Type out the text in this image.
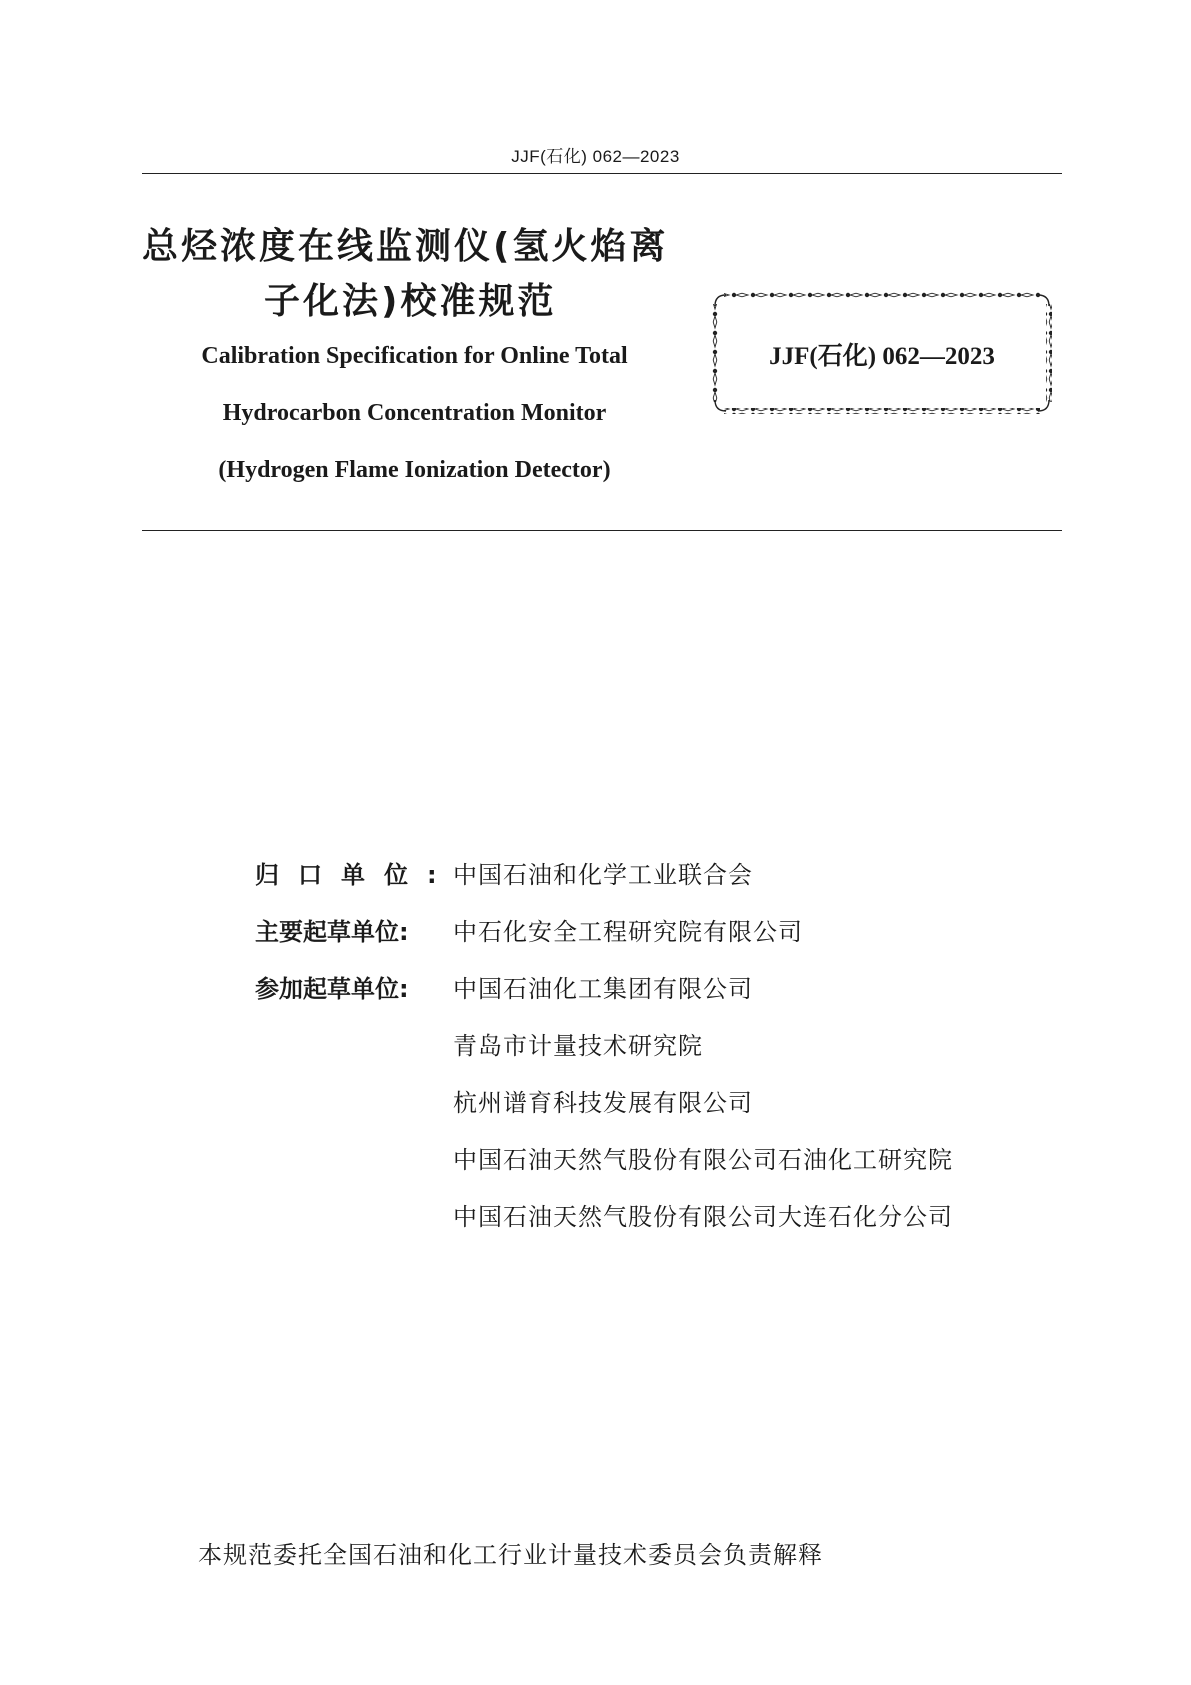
JJF(石化) 062—2023
总烃浓度在线监测仪(氢火焰离
子化法)校准规范
Calibration Specification for Online Total
Hydrocarbon Concentration Monitor
(Hydrogen Flame Ionization Detector)
JJF(石化) 062—2023
归口单位:中国石油和化学工业联合会
主要起草单位: 中石化安全工程研究院有限公司
参加起草单位: 中国石油化工集团有限公司
青岛市计量技术研究院
杭州谱育科技发展有限公司
中国石油天然气股份有限公司石油化工研究院
中国石油天然气股份有限公司大连石化分公司
本规范委托全国石油和化工行业计量技术委员会负责解释
